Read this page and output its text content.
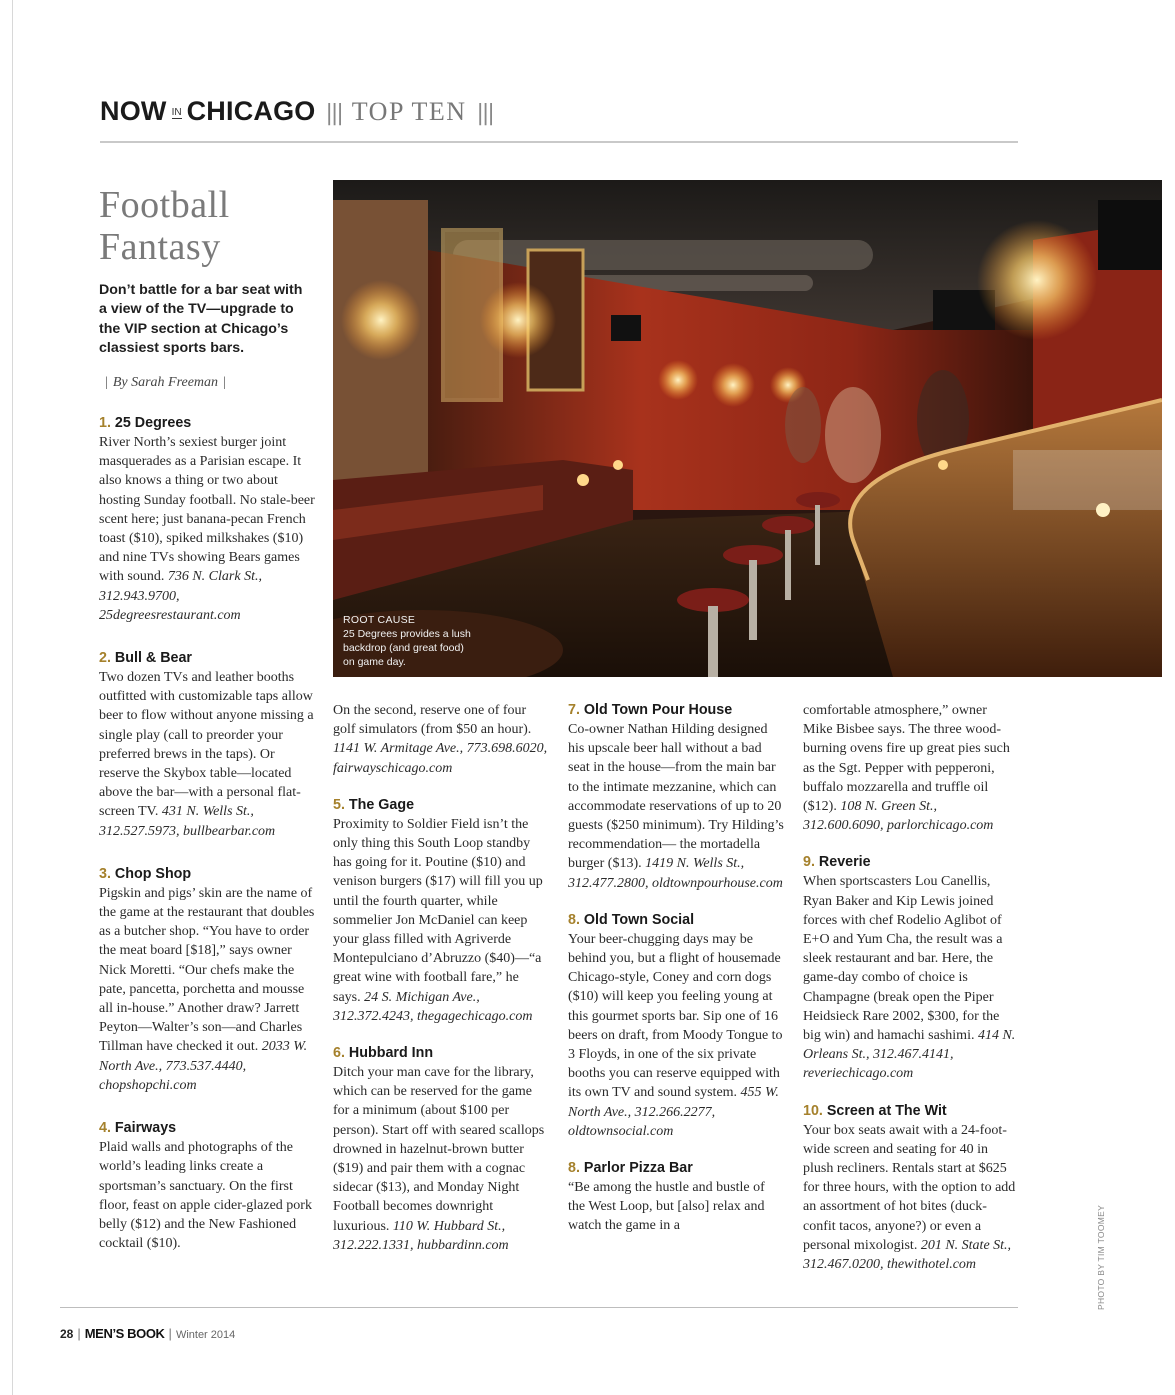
NOW IN CHICAGO ||| TOP TEN |||
Football Fantasy

Don’t battle for a bar seat with a view of the TV—upgrade to the VIP section at Chicago’s classiest sports bars.

| By Sarah Freeman |
ROOT CAUSE
25 Degrees provides a lush backdrop (and great food) on game day.
1. 25 Degrees

River North’s sexiest burger joint masquerades as a Parisian escape. It also knows a thing or two about hosting Sunday football. No stale-beer scent here; just banana-pecan French toast ($10), spiked milkshakes ($10) and nine TVs showing Bears games with sound. 736 N. Clark St., 312.943.9700, 25degreesrestaurant.com

2. Bull & Bear

Two dozen TVs and leather booths outfitted with customizable taps allow beer to flow without anyone missing a single play (call to preorder your preferred brews in the taps). Or reserve the Skybox table—located above the bar—with a personal flat-screen TV. 431 N. Wells St., 312.527.5973, bullbearbar.com

3. Chop Shop

Pigskin and pigs’ skin are the name of the game at the restaurant that doubles as a butcher shop. “You have to order the meat board [$18],” says owner Nick Moretti. “Our chefs make the pate, pancetta, porchetta and mousse all in-house.” Another draw? Jarrett Peyton—Walter’s son—and Charles Tillman have checked it out. 2033 W. North Ave., 773.537.4440, chopshopchi.com

4. Fairways

Plaid walls and photographs of the world’s leading links create a sportsman’s sanctuary. On the first floor, feast on apple cider-glazed pork belly ($12) and the New Fashioned cocktail ($10).

On the second, reserve one of four golf simulators (from $50 an hour). 1141 W. Armitage Ave., 773.698.6020, fairwayschicago.com

5. The Gage

Proximity to Soldier Field isn’t the only thing this South Loop standby has going for it. Poutine ($10) and venison burgers ($17) will fill you up until the fourth quarter, while sommelier Jon McDaniel can keep your glass filled with Agriverde Montepulciano d’Abruzzo ($40)—“a great wine with football fare,” he says. 24 S. Michigan Ave., 312.372.4243, thegagechicago.com

6. Hubbard Inn

Ditch your man cave for the library, which can be reserved for the game for a minimum (about $100 per person). Start off with seared scallops drowned in hazelnut-brown butter ($19) and pair them with a cognac sidecar ($13), and Monday Night Football becomes downright luxurious. 110 W. Hubbard St., 312.222.1331, hubbardinn.com

7. Old Town Pour House

Co-owner Nathan Hilding designed his upscale beer hall without a bad seat in the house—from the main bar to the intimate mezzanine, which can accommodate reservations of up to 20 guests ($250 minimum). Try Hilding’s recommendation— the mortadella burger ($13). 1419 N. Wells St., 312.477.2800, oldtownpourhouse.com

8. Old Town Social

Your beer-chugging days may be behind you, but a flight of housemade Chicago-style, Coney and corn dogs ($10) will keep you feeling young at this gourmet sports bar. Sip one of 16 beers on draft, from Moody Tongue to 3 Floyds, in one of the six private booths you can reserve equipped with its own TV and sound system. 455 W. North Ave., 312.266.2277, oldtownsocial.com

8. Parlor Pizza Bar

“Be among the hustle and bustle of the West Loop, but [also] relax and watch the game in a

comfortable atmosphere,” owner Mike Bisbee says. The three wood-burning ovens fire up great pies such as the Sgt. Pepper with pepperoni, buffalo mozzarella and truffle oil ($12). 108 N. Green St., 312.600.6090, parlorchicago.com

9. Reverie

When sportscasters Lou Canellis, Ryan Baker and Kip Lewis joined forces with chef Rodelio Aglibot of E+O and Yum Cha, the result was a sleek restaurant and bar. Here, the game-day combo of choice is Champagne (break open the Piper Heidsieck Rare 2002, $300, for the big win) and hamachi sashimi. 414 N. Orleans St., 312.467.4141, reveriechicago.com

10. Screen at The Wit

Your box seats await with a 24-foot-wide screen and seating for 40 in plush recliners. Rentals start at $625 for three hours, with the option to add an assortment of hot bites (duck-confit tacos, anyone?) or even a personal mixologist. 201 N. State St., 312.467.0200, thewithotel.com	PHOTO BY TIM TOOMEY
28 | MEN’S BOOK | Winter 2014
